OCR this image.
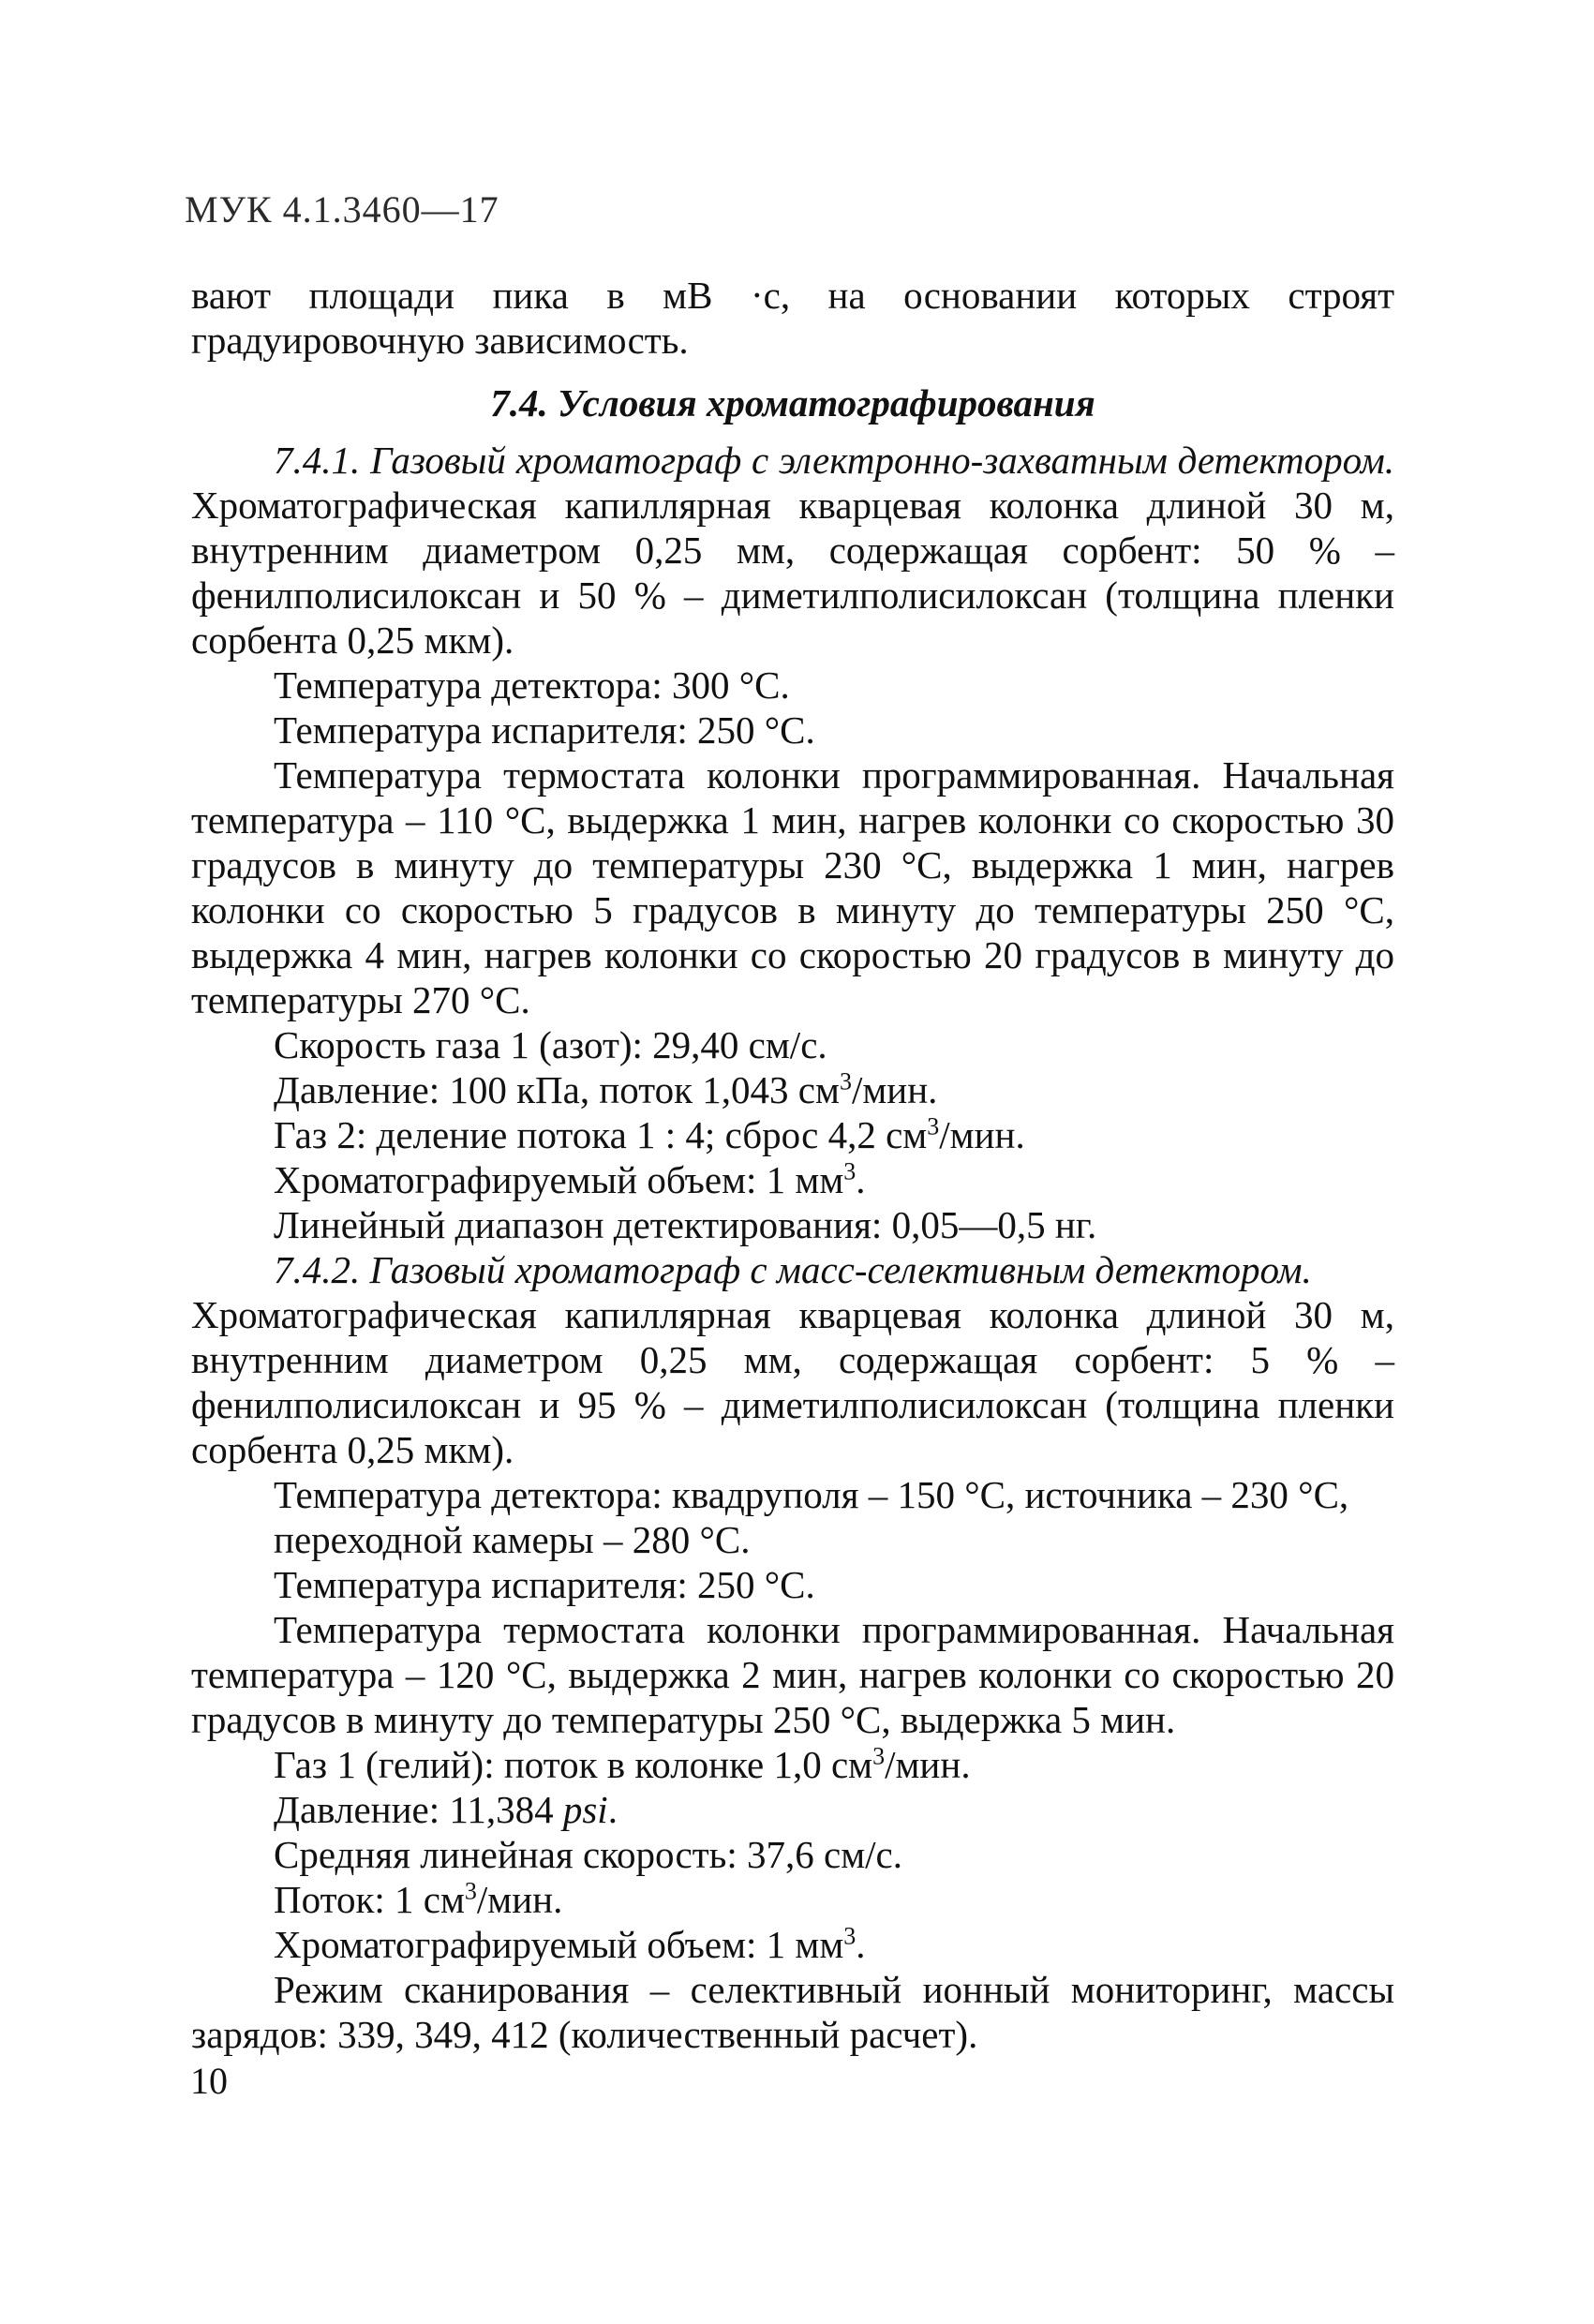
МУК 4.1.3460—17

вают площади пика в мВ ·с, на основании которых строят градуировочную зависимость.

7.4. Условия хроматографирования

7.4.1. Газовый хроматограф с электронно-захватным детектором. Хроматографическая капиллярная кварцевая колонка длиной 30 м, внутренним диаметром 0,25 мм, содержащая сорбент: 50 % – фенилполисилоксан и 50 % – диметилполисилоксан (толщина пленки сорбента 0,25 мкм).

Температура детектора: 300 °С.

Температура испарителя: 250 °С.

Температура термостата колонки программированная. Начальная температура – 110 °С, выдержка 1 мин, нагрев колонки со скоростью 30 градусов в минуту до температуры 230 °С, выдержка 1 мин, нагрев колонки со скоростью 5 градусов в минуту до температуры 250 °С, выдержка 4 мин, нагрев колонки со скоростью 20 градусов в минуту до температуры 270 °С.

Скорость газа 1 (азот): 29,40 см/с.

Давление: 100 кПа, поток 1,043 $см^3$/мин.

Газ 2: деление потока 1 : 4; сброс 4,2 $см^3$/мин.

Хроматографируемый объем: 1 $мм^3$.

Линейный диапазон детектирования: 0,05—0,5 нг.

7.4.2. Газовый хроматограф с масс-селективным детектором.

Хроматографическая капиллярная кварцевая колонка длиной 30 м, внутренним диаметром 0,25 мм, содержащая сорбент: 5 % – фенилполисилоксан и 95 % – диметилполисилоксан (толщина пленки сорбента 0,25 мкм).

Температура детектора: квадруполя – 150 °С, источника – 230 °С,

переходной камеры – 280 °С.

Температура испарителя: 250 °С.

Температура термостата колонки программированная. Начальная температура – 120 °С, выдержка 2 мин, нагрев колонки со скоростью 20 градусов в минуту до температуры 250 °С, выдержка 5 мин.

Газ 1 (гелий): поток в колонке 1,0 $см^3$/мин.

Давление: 11,384 psi.

Средняя линейная скорость: 37,6 см/с.

Поток: 1 $см^3$/мин.

Хроматографируемый объем: 1 $мм^3$.

Режим сканирования – селективный ионный мониторинг, массы зарядов: 339, 349, 412 (количественный расчет).

10
